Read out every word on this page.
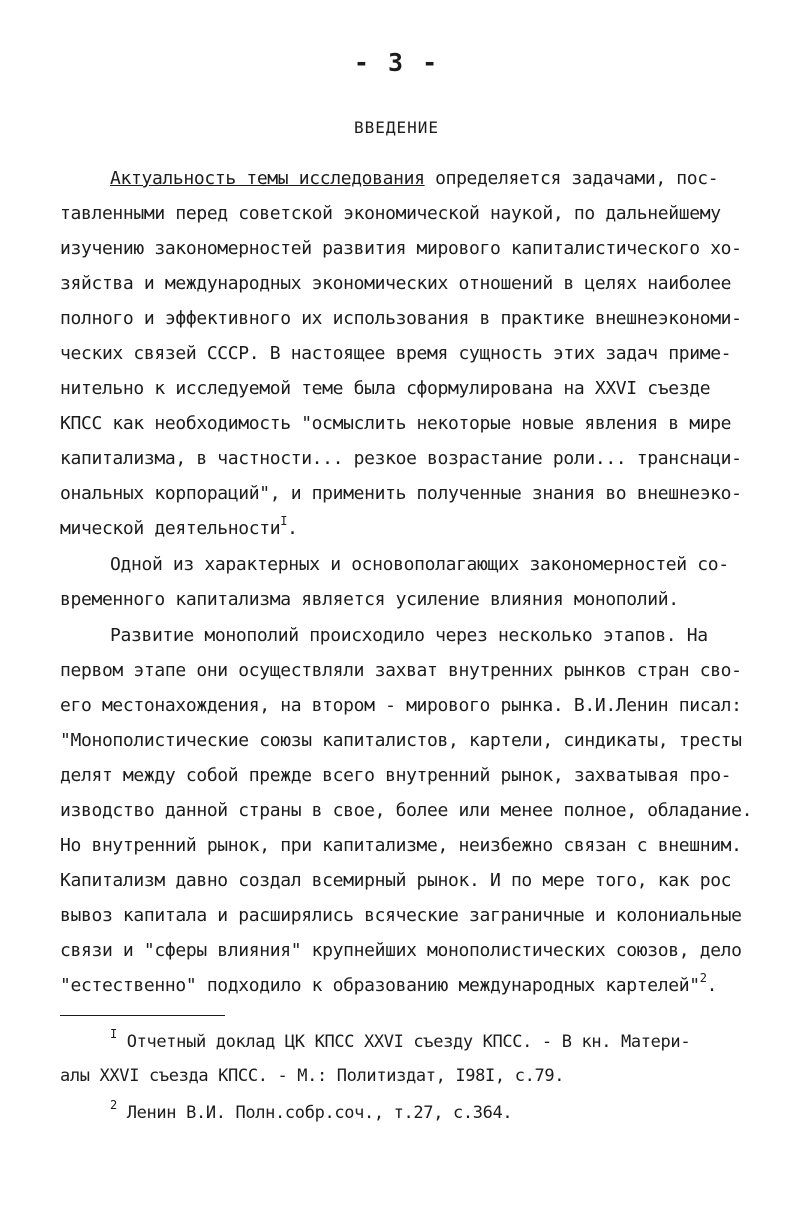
- 3 -
ВВЕДЕНИЕ
Актуальность темы исследования определяется задачами, пос-
тавленными перед советской экономической наукой, по дальнейшему
изучению закономерностей развития мирового капиталистического хо-
зяйства и международных экономических отношений в целях наиболее
полного и эффективного их использования в практике внешнеэкономи-
ческих связей СССР. В настоящее время сущность этих задач приме-
нительно к исследуемой теме была сформулирована на XXVI съезде
КПСС как необходимость "осмыслить некоторые новые явления в мире
капитализма, в частности... резкое возрастание роли... транснаци-
ональных корпораций", и применить полученные знания во внешнеэко-
мической деятельности$^I$.
Одной из характерных и основополагающих закономерностей со-
временного капитализма является усиление влияния монополий.
Развитие монополий происходило через несколько этапов. На
первом этапе они осуществляли захват внутренних рынков стран сво-
его местонахождения, на втором - мирового рынка. В.И.Ленин писал:
"Монополистические союзы капиталистов, картели, синдикаты, тресты
делят между собой прежде всего внутренний рынок, захватывая про-
изводство данной страны в свое, более или менее полное, обладание.
Но внутренний рынок, при капитализме, неизбежно связан с внешним.
Капитализм давно создал всемирный рынок. И по мере того, как рос
вывоз капитала и расширялись всяческие заграничные и колониальные
связи и "сферы влияния" крупнейших монополистических союзов, дело
"естественно" подходило к образованию международных картелей"$^2$.
$^I$ Отчетный доклад ЦК КПСС XXVI съезду КПСС. - В кн. Матери-
алы XXVI съезда КПСС. - М.: Политиздат, I98I, с.79.
$^2$ Ленин В.И. Полн.собр.соч., т.27, с.364.
